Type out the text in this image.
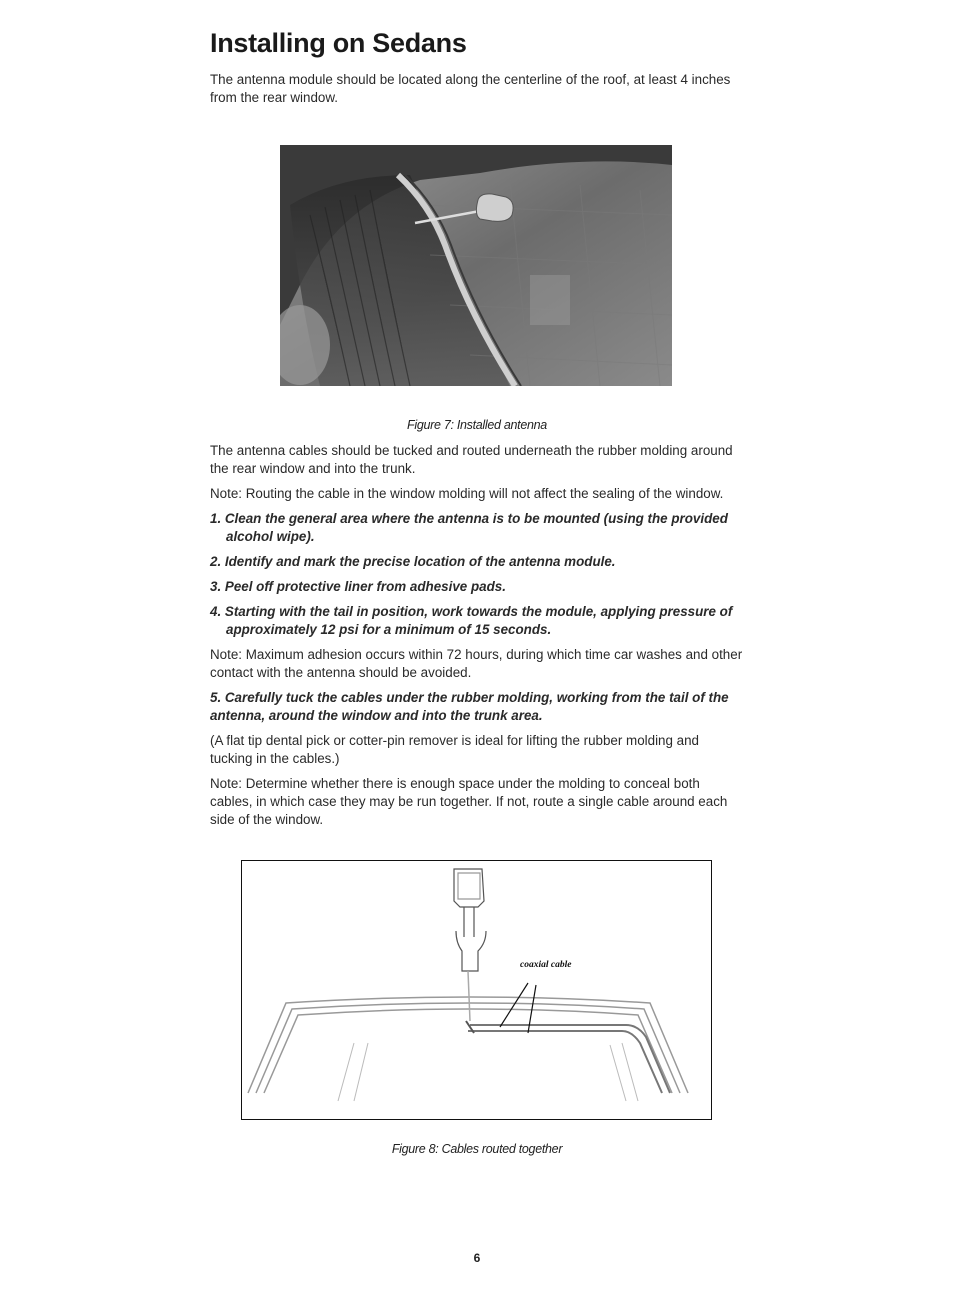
Installing on Sedans

The antenna module should be located along the centerline of the roof, at least 4 inches from the rear window.

Figure 7: Installed antenna

The antenna cables should be tucked and routed underneath the rubber molding around the rear window and into the trunk.

Note: Routing the cable in the window molding will not affect the sealing of the window.

1. Clean the general area where the antenna is to be mounted (using the provided alcohol wipe).

2. Identify and mark the precise location of the antenna module.

3. Peel off protective liner from adhesive pads.

4. Starting with the tail in position, work towards the module, applying pressure of approximately 12 psi for a minimum of 15 seconds.

Note: Maximum adhesion occurs within 72 hours, during which time car washes and other contact with the antenna should be avoided.

5. Carefully tuck the cables under the rubber molding, working from the tail of the antenna, around the window and into the trunk area.

(A flat tip dental pick or cotter-pin remover is ideal for lifting the rubber molding and tucking in the cables.)

Note: Determine whether there is enough space under the molding to conceal both cables, in which case they may be run together. If not, route a single cable around each side of the window.

coaxial cable
Figure 8: Cables routed together
6
